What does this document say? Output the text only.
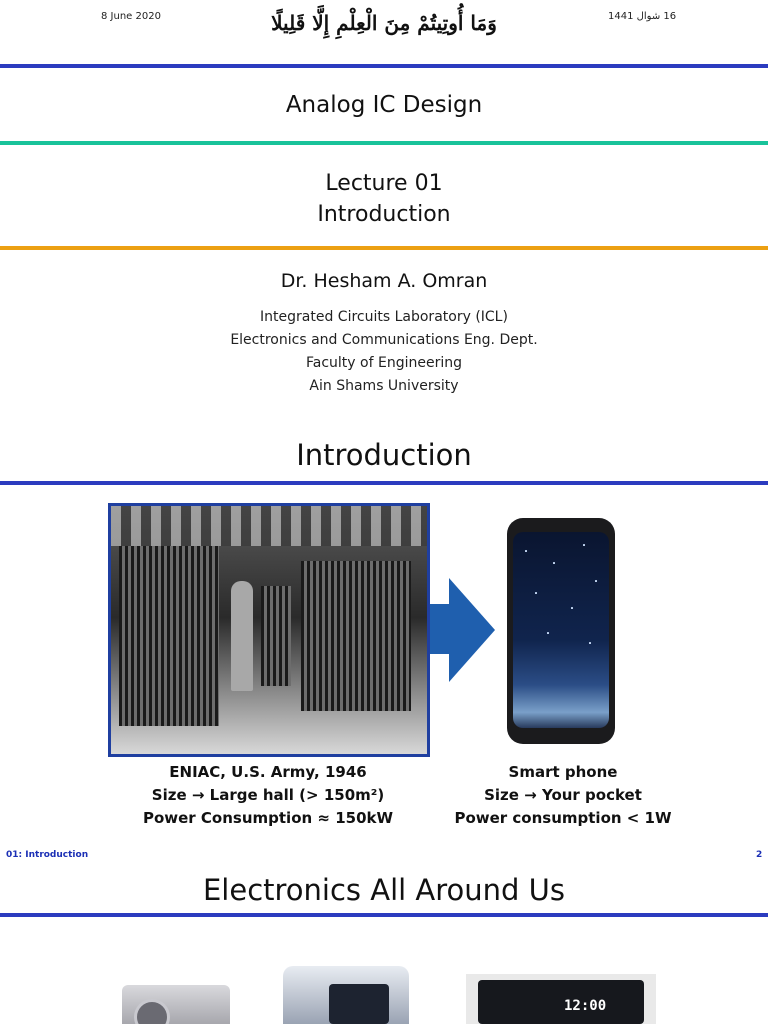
8 June 2020	وَمَا أُوتِيتُمْ مِنَ الْعِلْمِ إِلَّا قَلِيلًا	16 شوال 1441
Analog IC Design
Lecture 01
Introduction
Dr. Hesham A. Omran
Integrated Circuits Laboratory (ICL)
Electronics and Communications Eng. Dept.
Faculty of Engineering
Ain Shams University
Introduction
ENIAC, U.S. Army, 1946
Size → Large hall (> 150m²)
Power Consumption ≈ 150kW
Smart phone
Size → Your pocket
Power consumption < 1W
01: Introduction	2
Electronics All Around Us
12:00
